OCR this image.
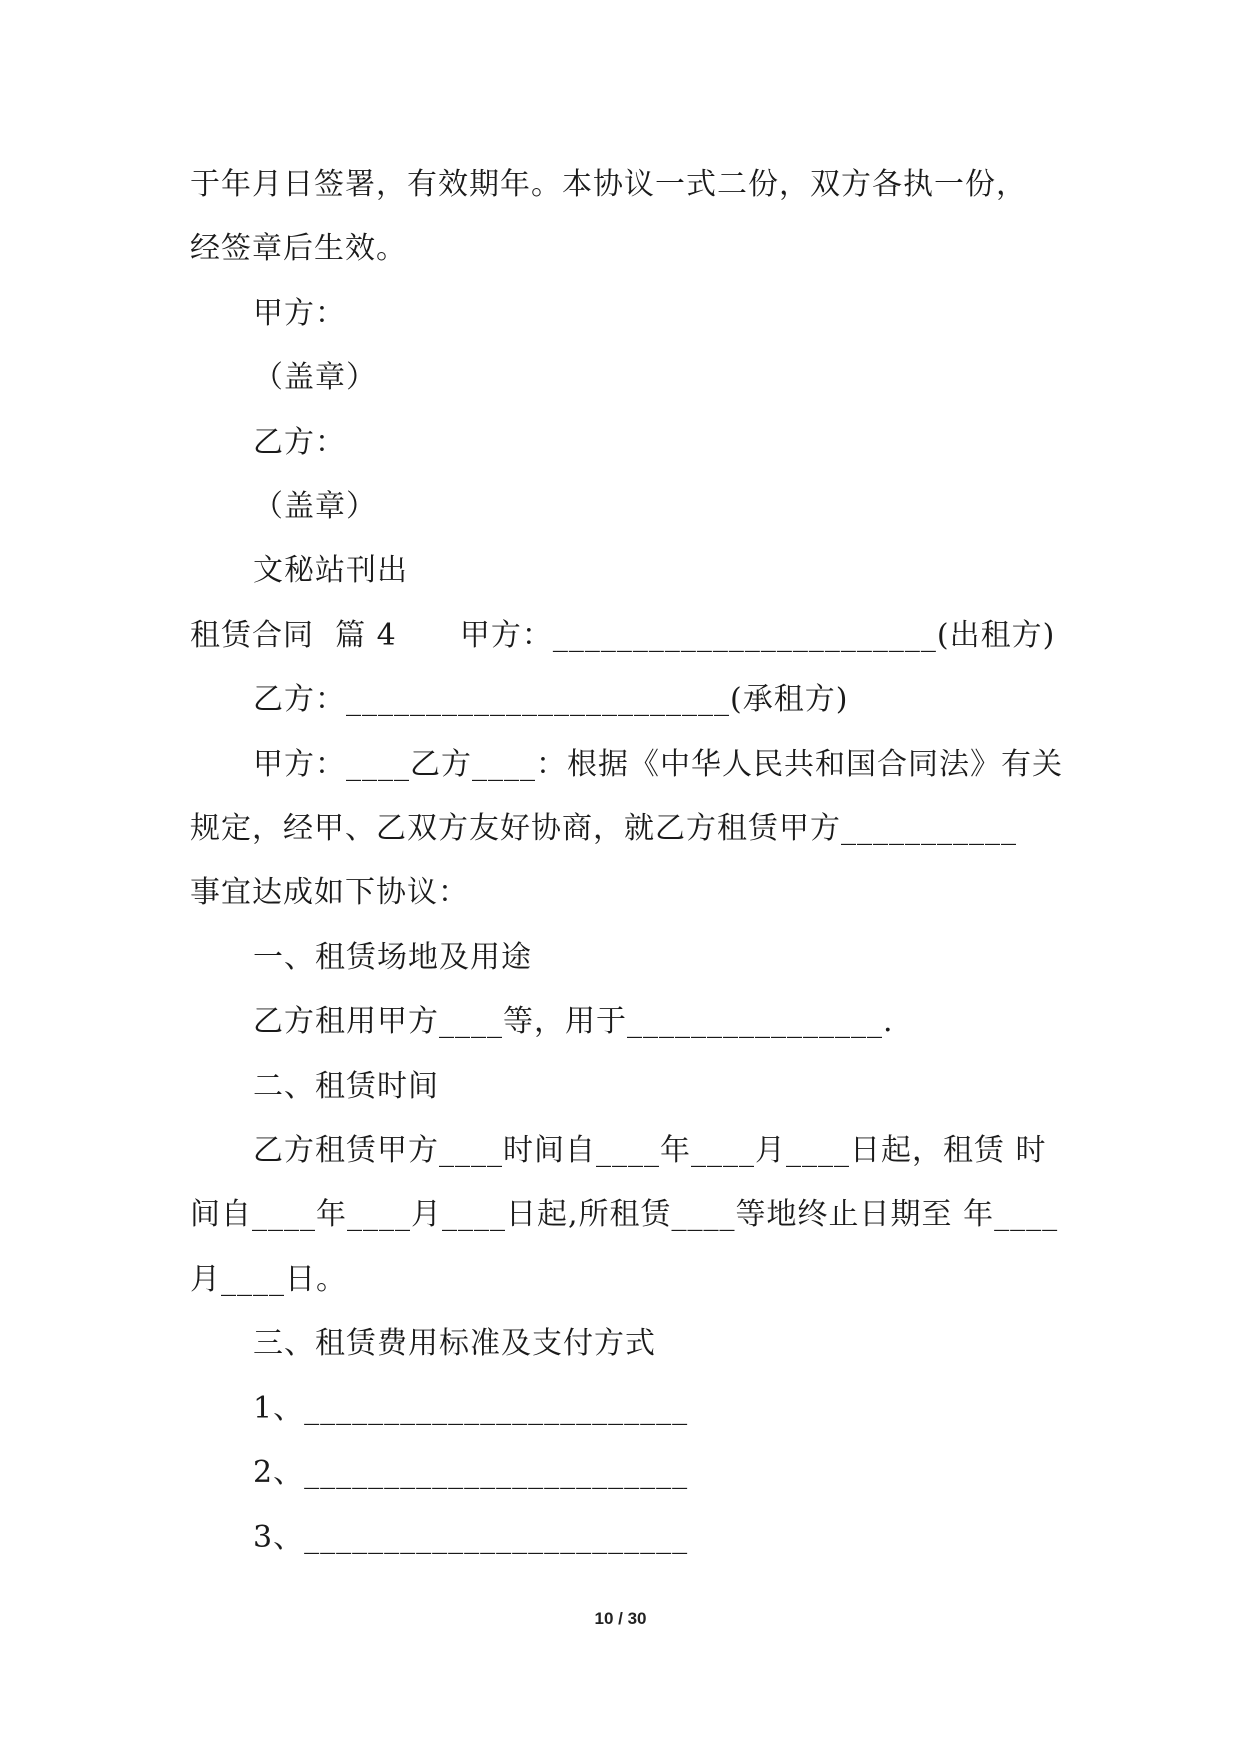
于年月日签署，有效期年。本协议一式二份，双方各执一份，
经签章后生效。
甲方：
（盖章）
乙方：
（盖章）
文秘站刊出
租赁合同  篇 4      甲方：________________________(出租方)
乙方：________________________(承租方)
甲方：____乙方____：根据《中华人民共和国合同法》有关
规定，经甲、乙双方友好协商，就乙方租赁甲方___________
事宜达成如下协议：
一、租赁场地及用途
乙方租用甲方____等，用于________________.
二、租赁时间
乙方租赁甲方____时间自____年____月____日起，租赁 时
间自____年____月____日起,所租赁____等地终止日期至 年____
月____日。
三、租赁费用标准及支付方式
1、________________________
2、________________________
3、________________________
10 / 30
